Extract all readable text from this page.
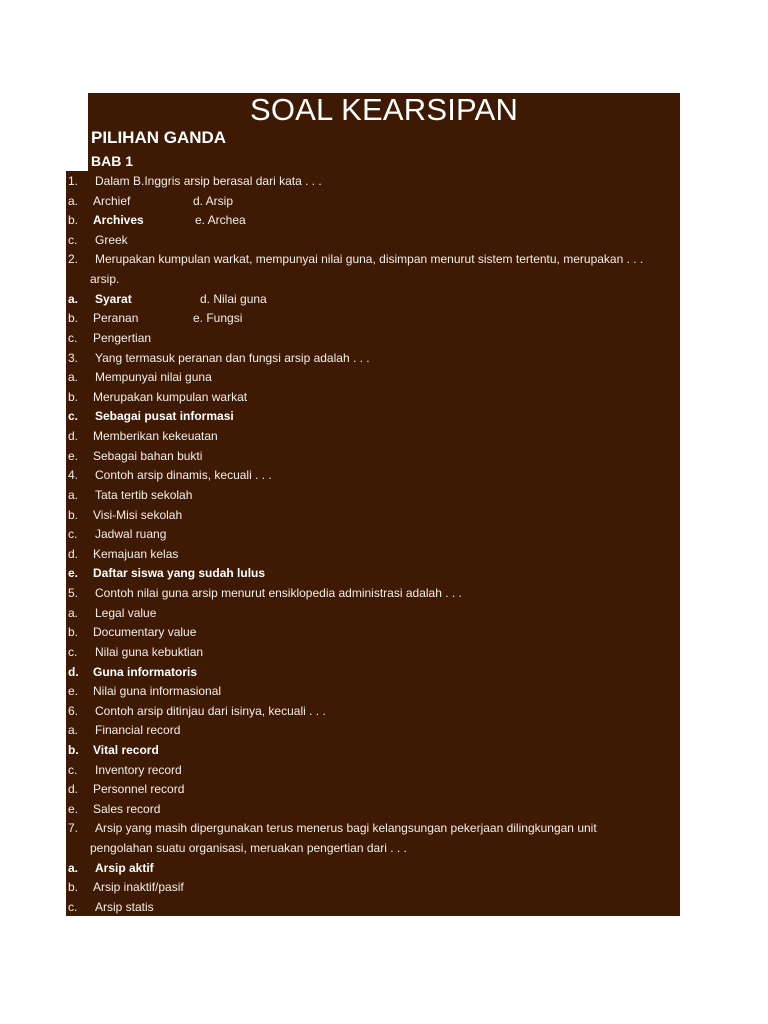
SOAL KEARSIPAN
PILIHAN GANDA
BAB 1
1. Dalam B.Inggris arsip berasal dari kata . . .
a. Archief	d. Arsip
b. Archives	e. Archea
c. Greek
2. Merupakan kumpulan warkat, mempunyai nilai guna, disimpan menurut sistem tertentu, merupakan . . .
arsip.
a. Syarat	d. Nilai guna
b. Peranan	e. Fungsi
c. Pengertian
3. Yang termasuk peranan dan fungsi arsip adalah . . .
a. Mempunyai nilai guna
b. Merupakan kumpulan warkat
c. Sebagai pusat informasi
d. Memberikan kekeuatan
e. Sebagai bahan bukti
4. Contoh arsip dinamis, kecuali . . .
a. Tata tertib sekolah
b. Visi-Misi sekolah
c. Jadwal ruang
d. Kemajuan kelas
e. Daftar siswa yang sudah lulus
5. Contoh nilai guna arsip menurut ensiklopedia administrasi adalah . . .
a. Legal value
b. Documentary value
c. Nilai guna kebuktian
d. Guna informatoris
e. Nilai guna informasional
6. Contoh arsip ditinjau dari isinya, kecuali . . .
a. Financial record
b. Vital record
c. Inventory record
d. Personnel record
e. Sales record
7. Arsip yang masih dipergunakan terus menerus bagi kelangsungan pekerjaan dilingkungan unit
pengolahan suatu organisasi, meruakan pengertian dari . . .
a. Arsip aktif
b. Arsip inaktif/pasif
c. Arsip statis
